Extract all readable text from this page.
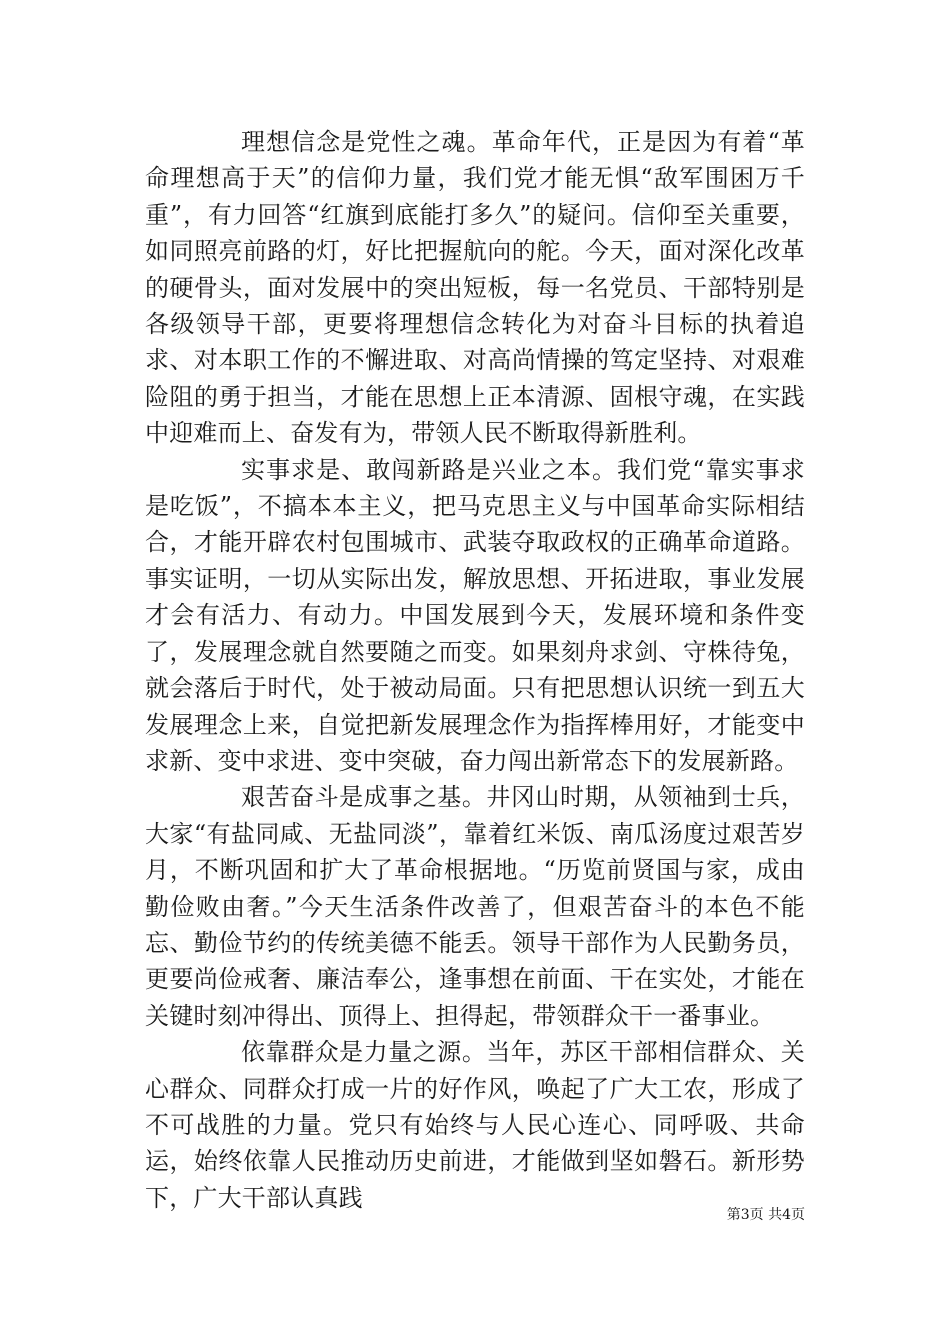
理想信念是党性之魂。革命年代，正是因为有着“革命理想高于天”的信仰力量，我们党才能无惧“敌军围困万千重”，有力回答“红旗到底能打多久”的疑问。信仰至关重要，如同照亮前路的灯，好比把握航向的舵。今天，面对深化改革的硬骨头，面对发展中的突出短板，每一名党员、干部特别是各级领导干部，更要将理想信念转化为对奋斗目标的执着追求、对本职工作的不懈进取、对高尚情操的笃定坚持、对艰难险阻的勇于担当，才能在思想上正本清源、固根守魂，在实践中迎难而上、奋发有为，带领人民不断取得新胜利。

实事求是、敢闯新路是兴业之本。我们党“靠实事求是吃饭”，不搞本本主义，把马克思主义与中国革命实际相结合，才能开辟农村包围城市、武装夺取政权的正确革命道路。事实证明，一切从实际出发，解放思想、开拓进取，事业发展才会有活力、有动力。中国发展到今天，发展环境和条件变了，发展理念就自然要随之而变。如果刻舟求剑、守株待兔，就会落后于时代，处于被动局面。只有把思想认识统一到五大发展理念上来，自觉把新发展理念作为指挥棒用好，才能变中求新、变中求进、变中突破，奋力闯出新常态下的发展新路。

艰苦奋斗是成事之基。井冈山时期，从领袖到士兵，大家“有盐同咸、无盐同淡”，靠着红米饭、南瓜汤度过艰苦岁月，不断巩固和扩大了革命根据地。“历览前贤国与家，成由勤俭败由奢。”今天生活条件改善了，但艰苦奋斗的本色不能忘、勤俭节约的传统美德不能丢。领导干部作为人民勤务员，更要尚俭戒奢、廉洁奉公，逢事想在前面、干在实处，才能在关键时刻冲得出、顶得上、担得起，带领群众干一番事业。

依靠群众是力量之源。当年，苏区干部相信群众、关心群众、同群众打成一片的好作风，唤起了广大工农，形成了不可战胜的力量。党只有始终与人民心连心、同呼吸、共命运，始终依靠人民推动历史前进，才能做到坚如磐石。新形势下，广大干部认真践

第3页 共4页
